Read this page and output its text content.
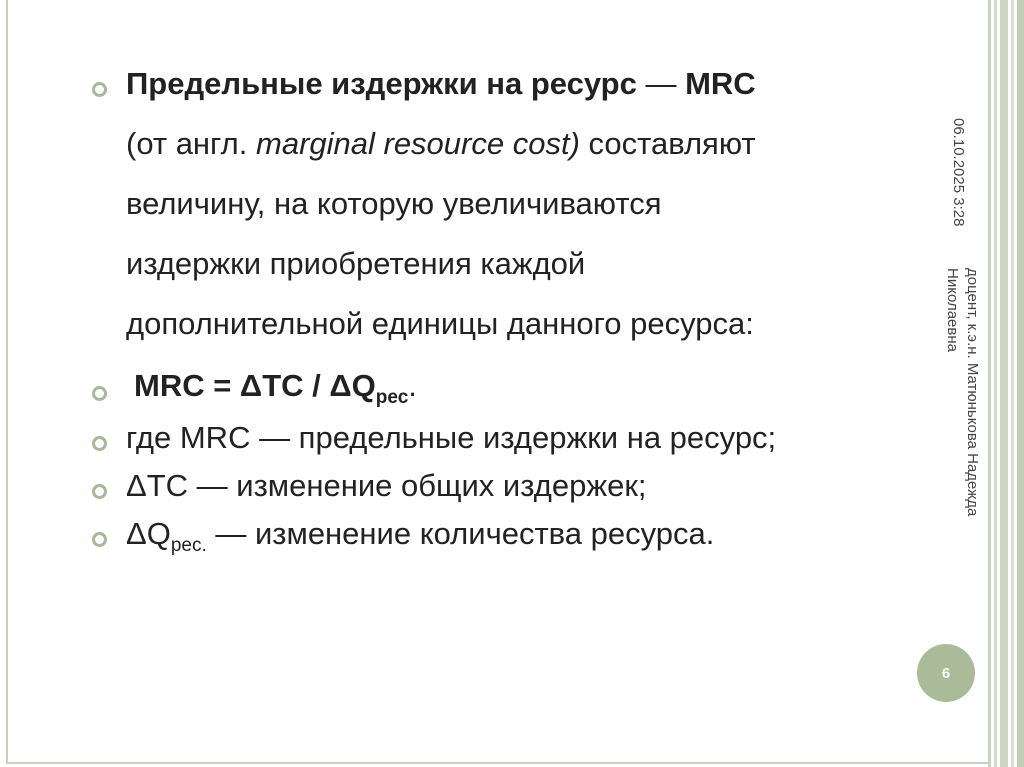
Предельные издержки на ресурс — MRC
(от англ. marginal resource cost) составляют
величину, на которую увеличиваются
издержки приобретения каждой
дополнительной единицы данного ресурса:
MRC = ΔTC / $\Delta Q_{рес}$.
где MRC — предельные издержки на ресурс;
ΔTC — изменение общих издержек;
$\Delta Q_{рес.}$ — изменение количества ресурса.
06.10.2025 3:28
доцент, к.э.н. Матюнькова Надежда
Николаевна
6
